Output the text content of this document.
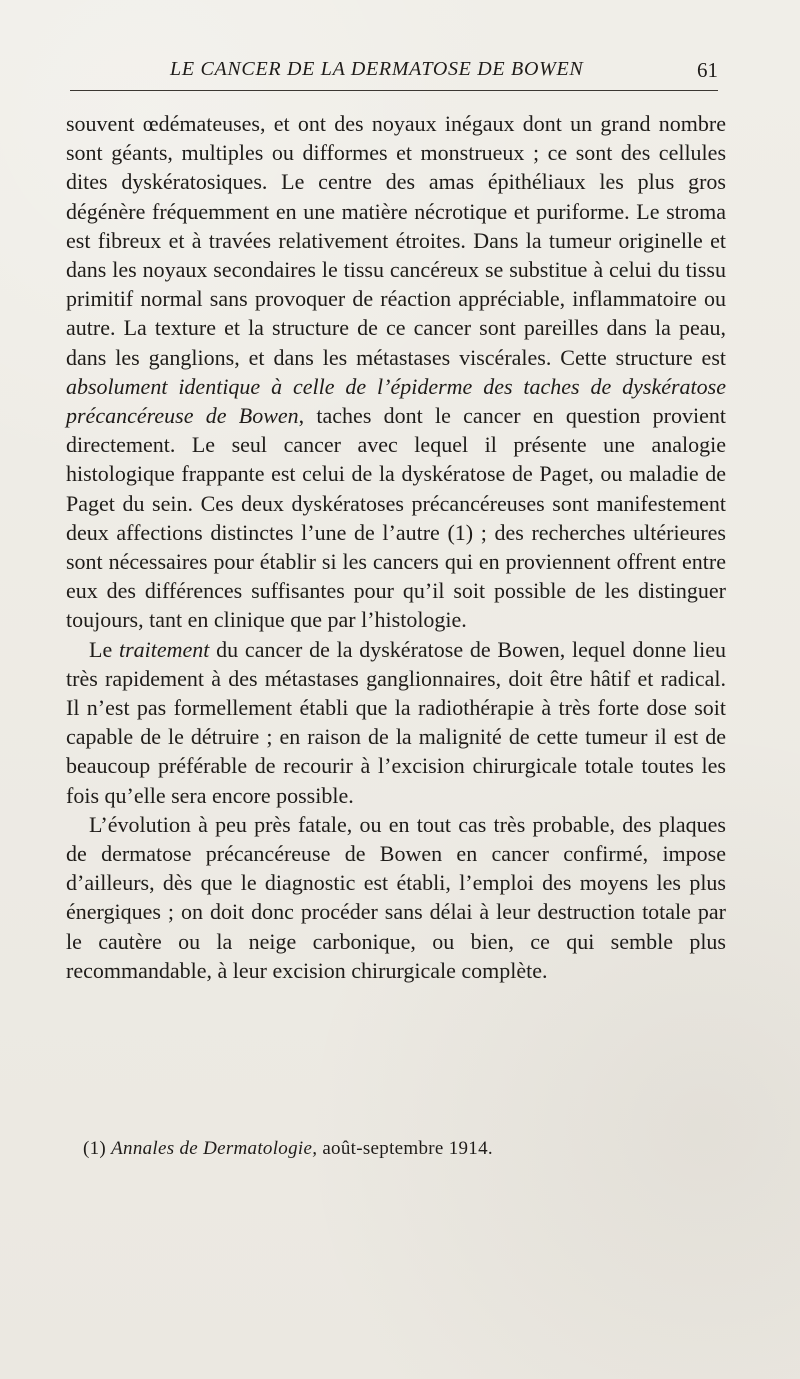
LE CANCER DE LA DERMATOSE DE BOWEN	61

souvent œdémateuses, et ont des noyaux inégaux dont un grand nombre sont géants, multiples ou difformes et monstrueux ; ce sont des cellules dites dyskératosiques. Le centre des amas épithéliaux les plus gros dégénère fréquemment en une matière nécrotique et puriforme. Le stroma est fibreux et à travées relativement étroites. Dans la tumeur originelle et dans les noyaux secondaires le tissu cancéreux se substitue à celui du tissu primitif normal sans provoquer de réaction appréciable, inflammatoire ou autre. La texture et la structure de ce cancer sont pareilles dans la peau, dans les ganglions, et dans les métastases viscérales. Cette structure est absolument identique à celle de l’épiderme des taches de dyskératose précancéreuse de Bowen, taches dont le cancer en question provient directement. Le seul cancer avec lequel il présente une analogie histologique frappante est celui de la dyskératose de Paget, ou maladie de Paget du sein. Ces deux dyskératoses précancéreuses sont manifestement deux affections distinctes l’une de l’autre (1) ; des recherches ultérieures sont nécessaires pour établir si les cancers qui en proviennent offrent entre eux des différences suffisantes pour qu’il soit possible de les distinguer toujours, tant en clinique que par l’histologie.

Le traitement du cancer de la dyskératose de Bowen, lequel donne lieu très rapidement à des métastases ganglionnaires, doit être hâtif et radical. Il n’est pas formellement établi que la radiothérapie à très forte dose soit capable de le détruire ; en raison de la malignité de cette tumeur il est de beaucoup préférable de recourir à l’excision chirurgicale totale toutes les fois qu’elle sera encore possible.

L’évolution à peu près fatale, ou en tout cas très probable, des plaques de dermatose précancéreuse de Bowen en cancer confirmé, impose d’ailleurs, dès que le diagnostic est établi, l’emploi des moyens les plus énergiques ; on doit donc procéder sans délai à leur destruction totale par le cautère ou la neige carbonique, ou bien, ce qui semble plus recommandable, à leur excision chirurgicale complète.

(1) Annales de Dermatologie, août-septembre 1914.
